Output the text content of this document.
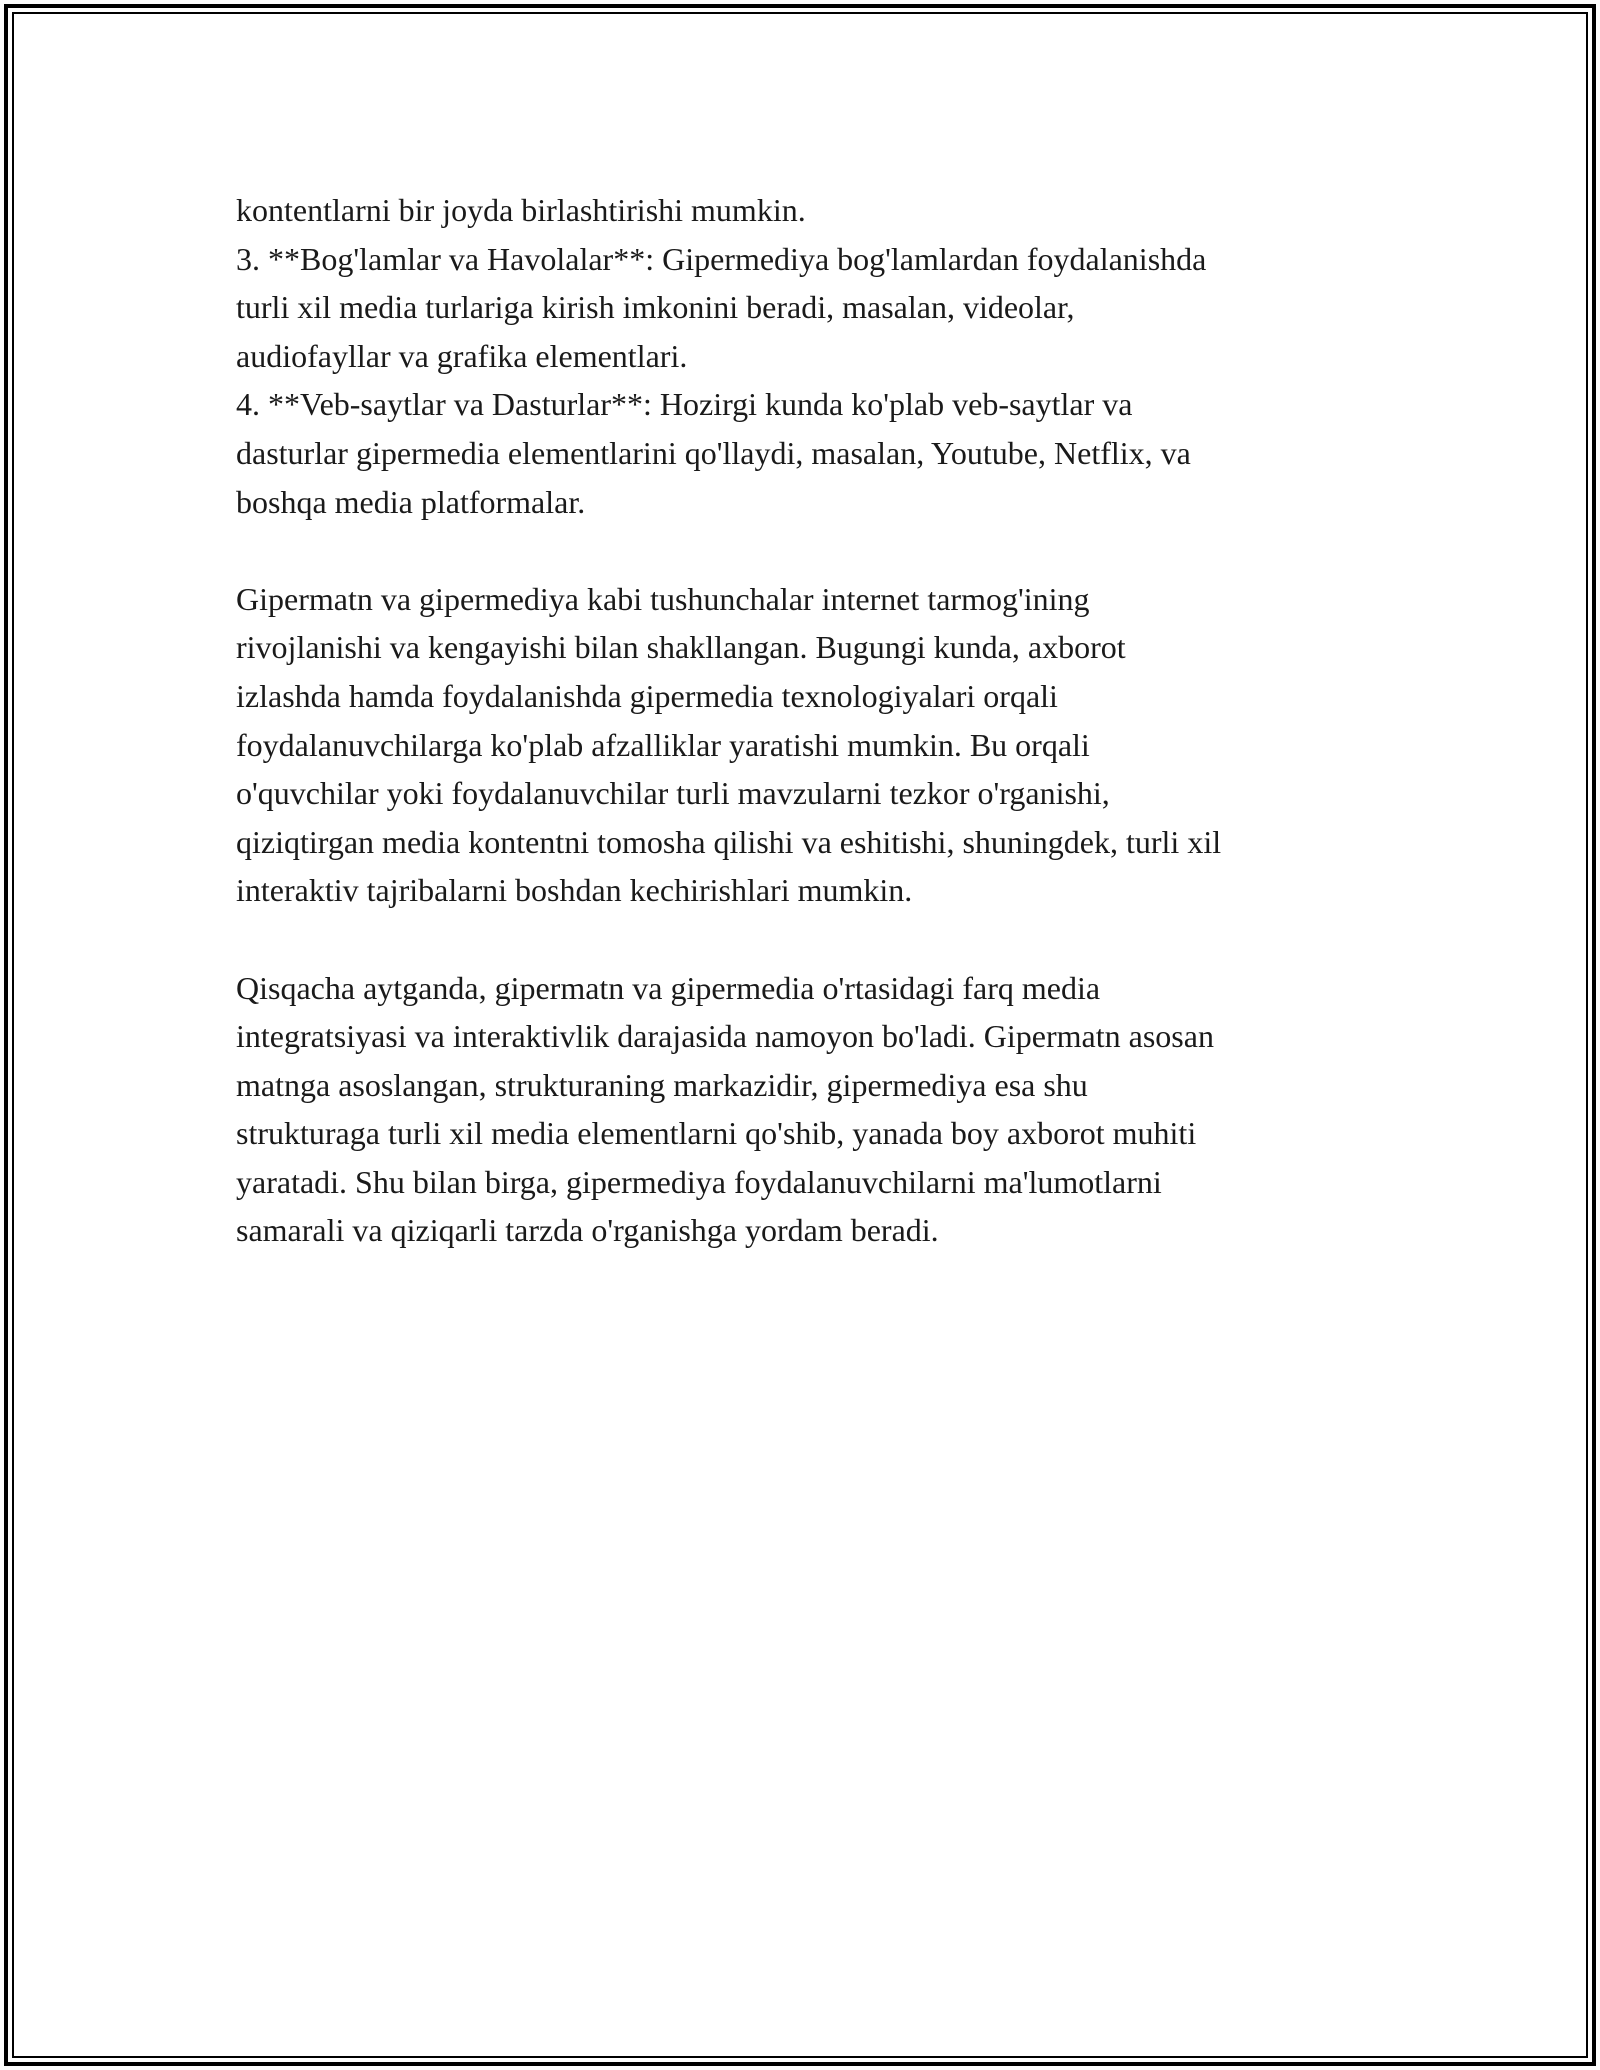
kontentlarni bir joyda birlashtirishi mumkin.
3. **Bog'lamlar va Havolalar**: Gipermediya bog'lamlardan foydalanishda
turli xil media turlariga kirish imkonini beradi, masalan, videolar,
audiofayllar va grafika elementlari.
4. **Veb-saytlar va Dasturlar**: Hozirgi kunda ko'plab veb-saytlar va
dasturlar gipermedia elementlarini qo'llaydi, masalan, Youtube, Netflix, va
boshqa media platformalar.
Gipermatn va gipermediya kabi tushunchalar internet tarmog'ining
rivojlanishi va kengayishi bilan shakllangan. Bugungi kunda, axborot
izlashda hamda foydalanishda gipermedia texnologiyalari orqali
foydalanuvchilarga ko'plab afzalliklar yaratishi mumkin. Bu orqali
o'quvchilar yoki foydalanuvchilar turli mavzularni tezkor o'rganishi,
qiziqtirgan media kontentni tomosha qilishi va eshitishi, shuningdek, turli xil
interaktiv tajribalarni boshdan kechirishlari mumkin.
Qisqacha aytganda, gipermatn va gipermedia o'rtasidagi farq media
integratsiyasi va interaktivlik darajasida namoyon bo'ladi. Gipermatn asosan
matnga asoslangan, strukturaning markazidir, gipermediya esa shu
strukturaga turli xil media elementlarni qo'shib, yanada boy axborot muhiti
yaratadi. Shu bilan birga, gipermediya foydalanuvchilarni ma'lumotlarni
samarali va qiziqarli tarzda o'rganishga yordam beradi.
